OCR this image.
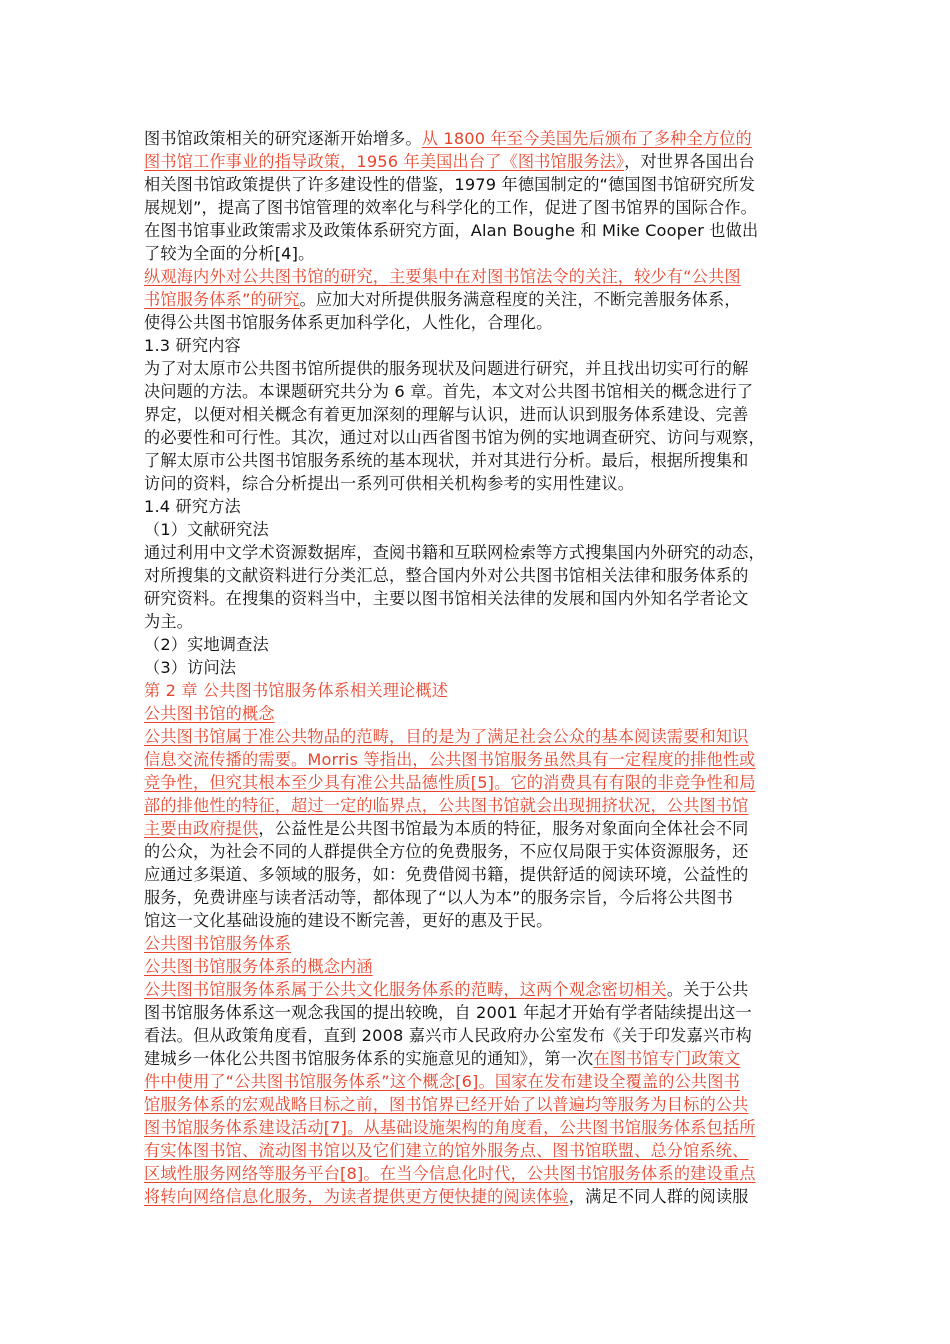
图书馆政策相关的研究逐渐开始增多。从 1800 年至今美国先后颁布了多种全方位的
图书馆工作事业的指导政策，1956 年美国出台了《图书馆服务法》，对世界各国出台
相关图书馆政策提供了许多建设性的借鉴，1979 年德国制定的“德国图书馆研究所发
展规划”，提高了图书馆管理的效率化与科学化的工作，促进了图书馆界的国际合作。
在图书馆事业政策需求及政策体系研究方面，Alan Boughe 和 Mike Cooper 也做出
了较为全面的分析[4]。
纵观海内外对公共图书馆的研究，主要集中在对图书馆法令的关注，较少有“公共图
书馆服务体系”的研究。应加大对所提供服务满意程度的关注，不断完善服务体系，
使得公共图书馆服务体系更加科学化，人性化，合理化。
1.3 研究内容
为了对太原市公共图书馆所提供的服务现状及问题进行研究，并且找出切实可行的解
决问题的方法。本课题研究共分为 6 章。首先，本文对公共图书馆相关的概念进行了
界定，以便对相关概念有着更加深刻的理解与认识，进而认识到服务体系建设、完善
的必要性和可行性。其次，通过对以山西省图书馆为例的实地调查研究、访问与观察，
了解太原市公共图书馆服务系统的基本现状，并对其进行分析。最后，根据所搜集和
访问的资料，综合分析提出一系列可供相关机构参考的实用性建议。
1.4 研究方法
（1）文献研究法
通过利用中文学术资源数据库，查阅书籍和互联网检索等方式搜集国内外研究的动态，
对所搜集的文献资料进行分类汇总，整合国内外对公共图书馆相关法律和服务体系的
研究资料。在搜集的资料当中，主要以图书馆相关法律的发展和国内外知名学者论文
为主。
（2）实地调查法
（3）访问法
第 2 章 公共图书馆服务体系相关理论概述
公共图书馆的概念
公共图书馆属于准公共物品的范畴，目的是为了满足社会公众的基本阅读需要和知识
信息交流传播的需要。Morris 等指出，公共图书馆服务虽然具有一定程度的排他性或
竞争性，但究其根本至少具有准公共品德性质[5]。它的消费具有有限的非竞争性和局
部的排他性的特征，超过一定的临界点，公共图书馆就会出现拥挤状况，公共图书馆
主要由政府提供，公益性是公共图书馆最为本质的特征，服务对象面向全体社会不同
的公众，为社会不同的人群提供全方位的免费服务，不应仅局限于实体资源服务，还
应通过多渠道、多领域的服务，如：免费借阅书籍，提供舒适的阅读环境，公益性的
服务，免费讲座与读者活动等，都体现了“以人为本”的服务宗旨，今后将公共图书
馆这一文化基础设施的建设不断完善，更好的惠及于民。
公共图书馆服务体系
公共图书馆服务体系的概念内涵
公共图书馆服务体系属于公共文化服务体系的范畴，这两个观念密切相关。关于公共
图书馆服务体系这一观念我国的提出较晚，自 2001 年起才开始有学者陆续提出这一
看法。但从政策角度看，直到 2008 嘉兴市人民政府办公室发布《关于印发嘉兴市构
建城乡一体化公共图书馆服务体系的实施意见的通知》，第一次在图书馆专门政策文
件中使用了“公共图书馆服务体系”这个概念[6]。国家在发布建设全覆盖的公共图书
馆服务体系的宏观战略目标之前，图书馆界已经开始了以普遍均等服务为目标的公共
图书馆服务体系建设活动[7]。从基础设施架构的角度看，公共图书馆服务体系包括所
有实体图书馆、流动图书馆以及它们建立的馆外服务点、图书馆联盟、总分馆系统、
区域性服务网络等服务平台[8]。在当今信息化时代，公共图书馆服务体系的建设重点
将转向网络信息化服务，为读者提供更方便快捷的阅读体验，满足不同人群的阅读服
